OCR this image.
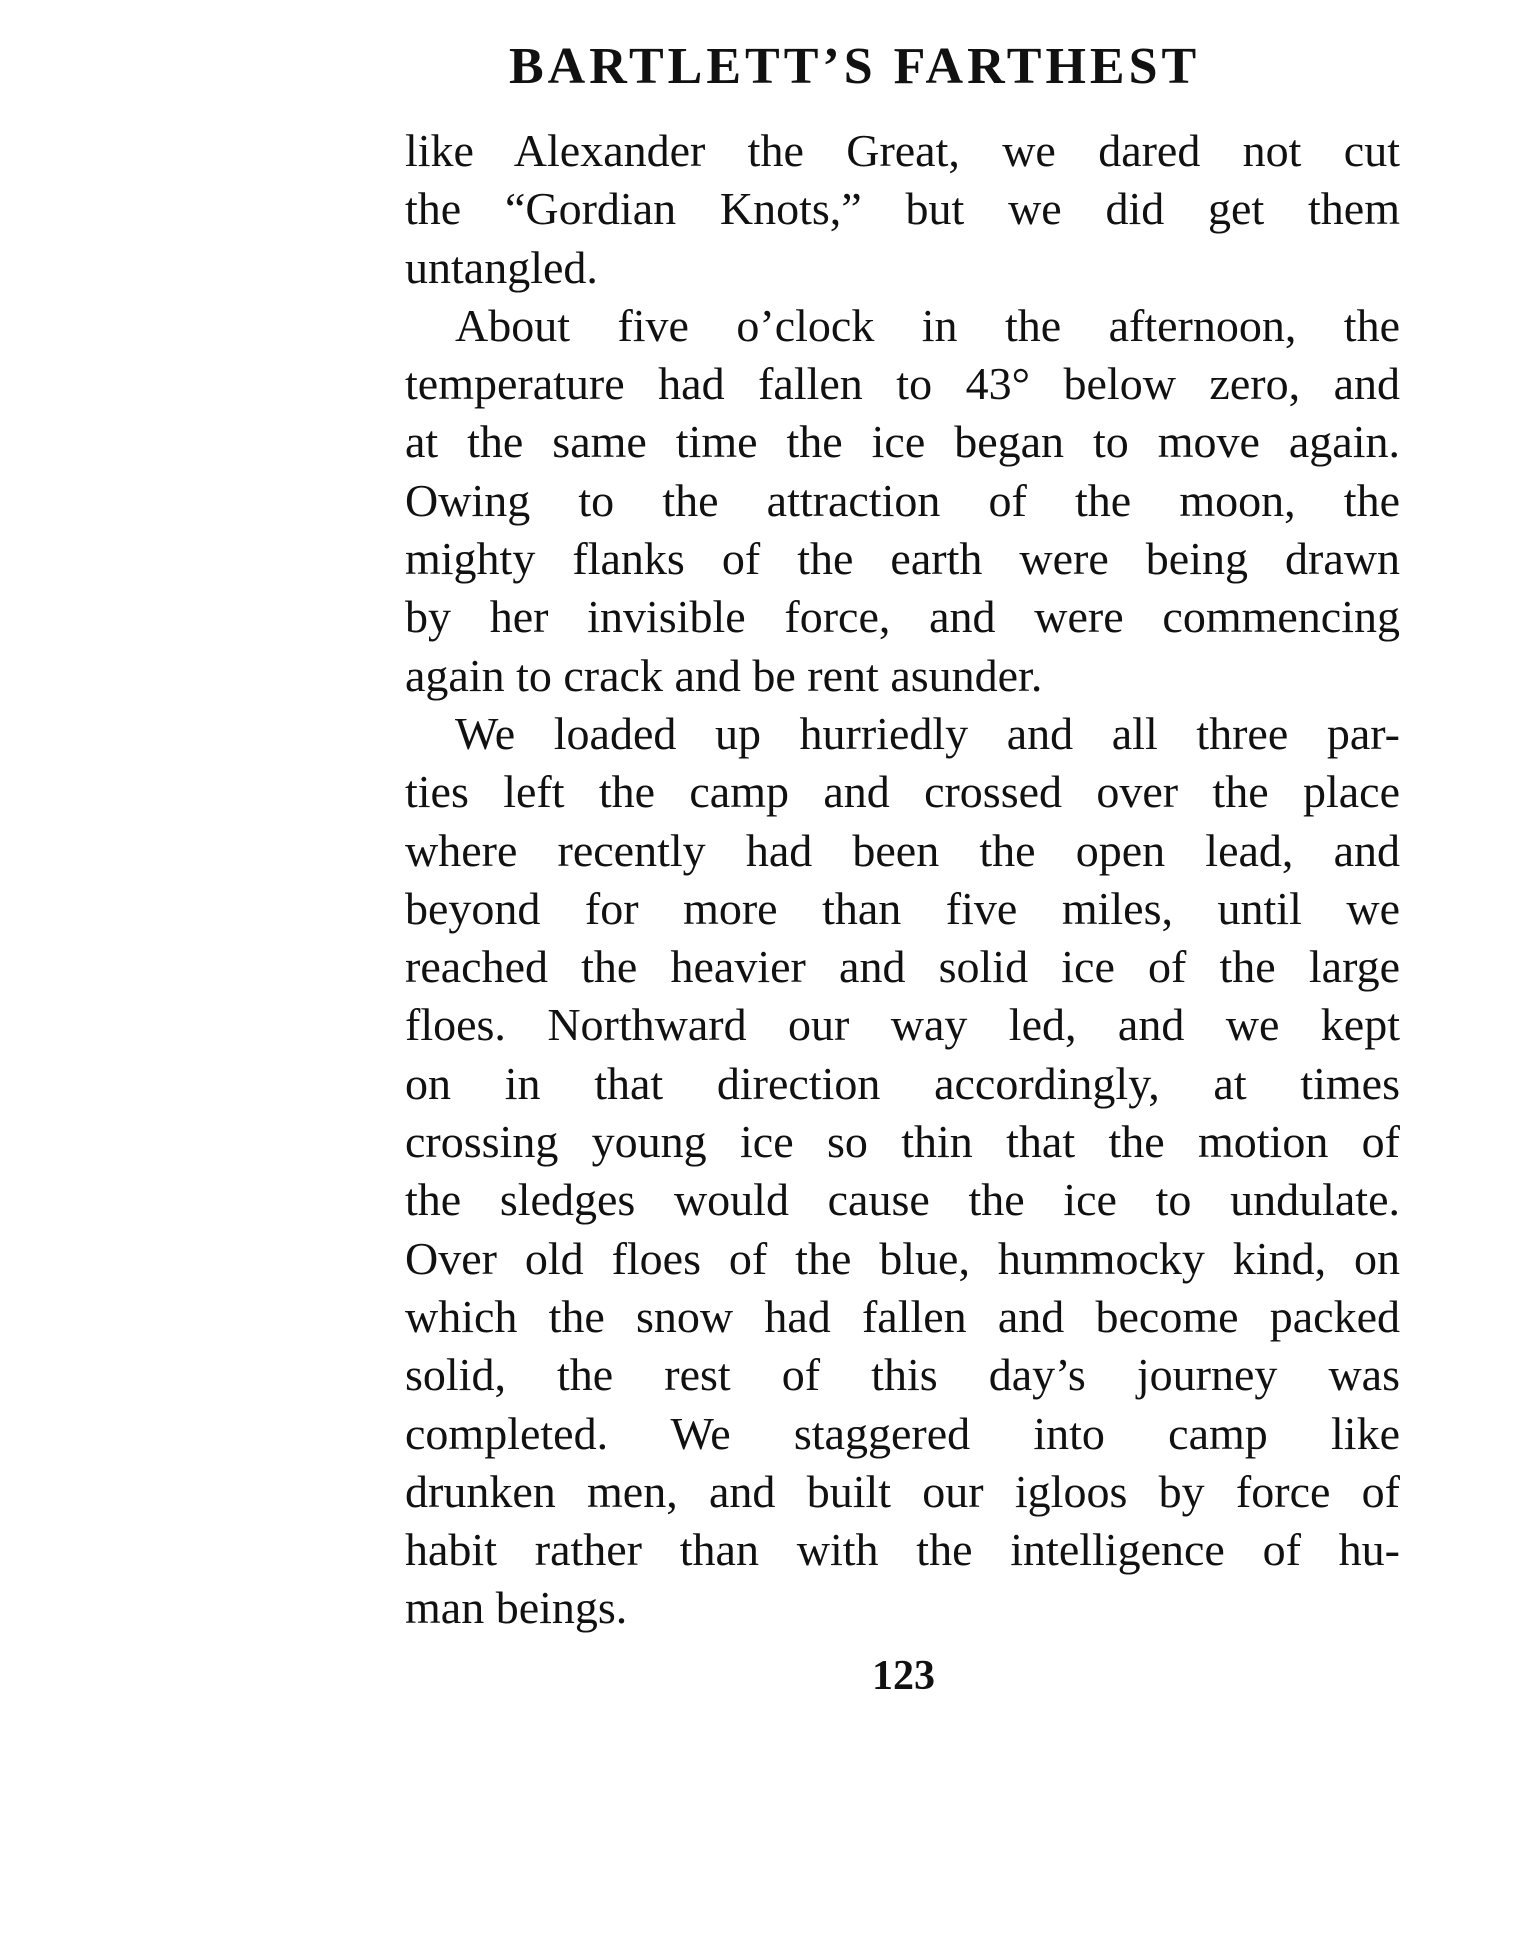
BARTLETT’S FARTHEST

like Alexander the Great, we dared not cut
the “Gordian Knots,” but we did get them
untangled.

About five o’clock in the afternoon, the
temperature had fallen to 43° below zero, and
at the same time the ice began to move again.
Owing to the attraction of the moon, the
mighty flanks of the earth were being drawn
by her invisible force, and were commencing
again to crack and be rent asunder.

We loaded up hurriedly and all three par-
ties left the camp and crossed over the place
where recently had been the open lead, and
beyond for more than five miles, until we
reached the heavier and solid ice of the large
floes. Northward our way led, and we kept
on in that direction accordingly, at times
crossing young ice so thin that the motion of
the sledges would cause the ice to undulate.
Over old floes of the blue, hummocky kind, on
which the snow had fallen and become packed
solid, the rest of this day’s journey was
completed. We staggered into camp like
drunken men, and built our igloos by force of
habit rather than with the intelligence of hu-
man beings.

123
